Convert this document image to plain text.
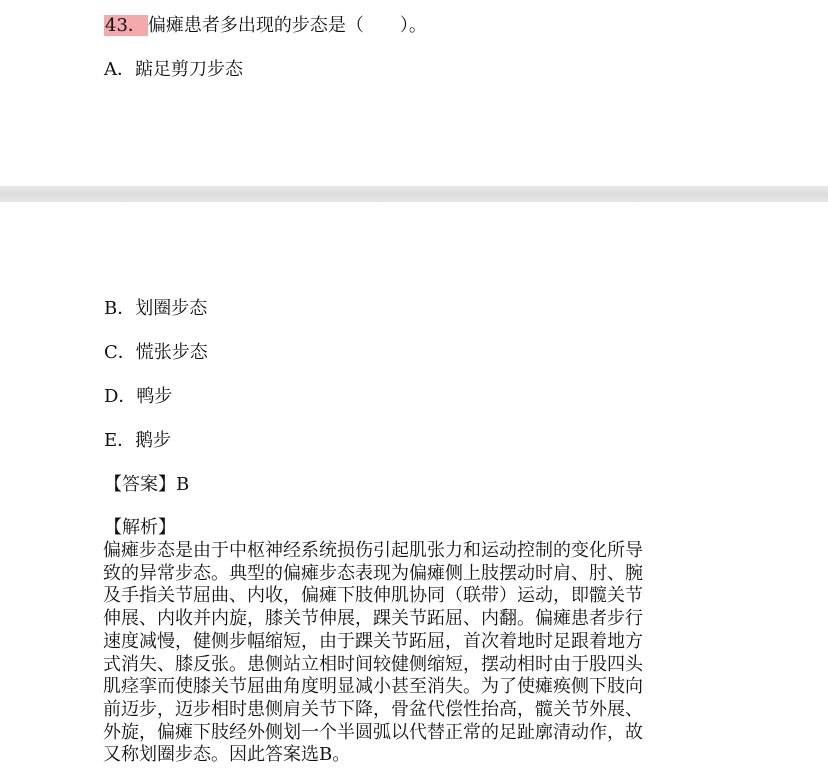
43． 偏瘫患者多出现的步态是（　　）。
A．踮足剪刀步态
B．划圈步态
C．慌张步态
D．鸭步
E．鹅步
【答案】B
【解析】
偏瘫步态是由于中枢神经系统损伤引起肌张力和运动控制的变化所导
致的异常步态。典型的偏瘫步态表现为偏瘫侧上肢摆动时肩、肘、腕
及手指关节屈曲、内收，偏瘫下肢伸肌协同（联带）运动，即髋关节
伸展、内收并内旋，膝关节伸展，踝关节跖屈、内翻。偏瘫患者步行
速度减慢，健侧步幅缩短，由于踝关节跖屈，首次着地时足跟着地方
式消失、膝反张。患侧站立相时间较健侧缩短，摆动相时由于股四头
肌痉挛而使膝关节屈曲角度明显减小甚至消失。为了使瘫痪侧下肢向
前迈步，迈步相时患侧肩关节下降，骨盆代偿性抬高，髋关节外展、
外旋，偏瘫下肢经外侧划一个半圆弧以代替正常的足趾廓清动作，故
又称划圈步态。因此答案选B。
